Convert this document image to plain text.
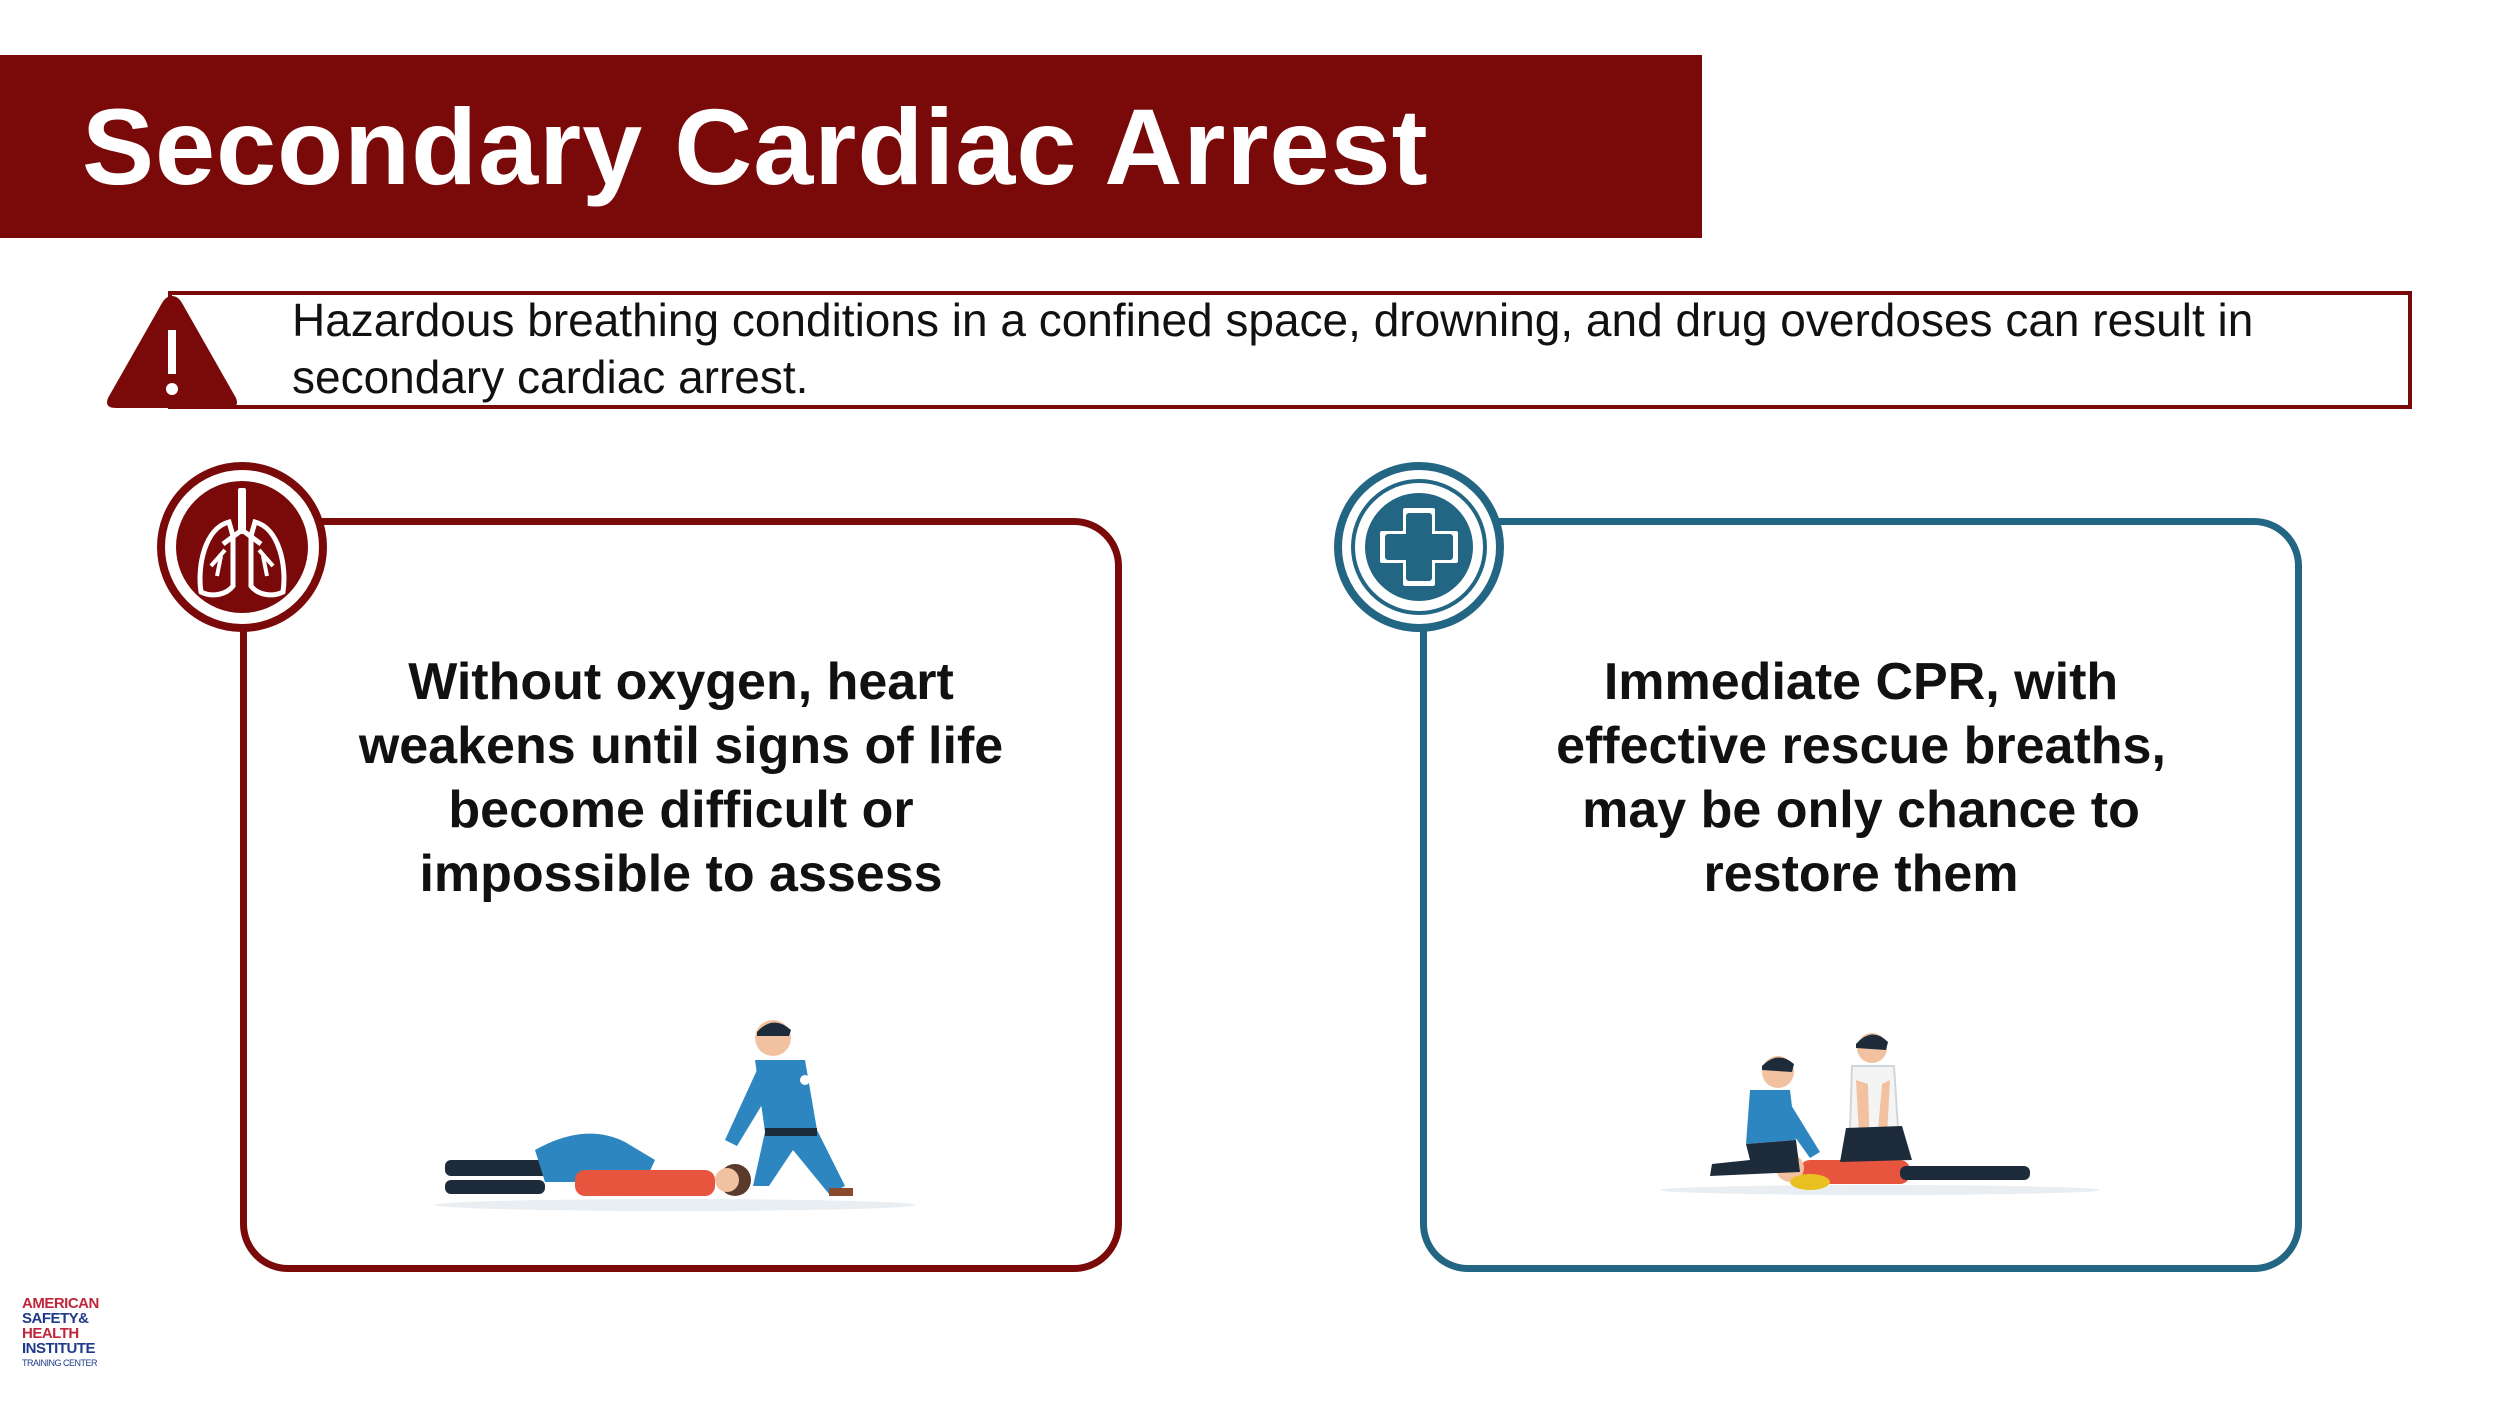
Secondary Cardiac Arrest
Hazardous breathing conditions in a confined space, drowning, and drug overdoses can result in secondary cardiac arrest.
Without oxygen, heart weakens until signs of life become difficult or impossible to assess
Immediate CPR, with effective rescue breaths, may be only chance to restore them
AMERICAN
SAFETY&
HEALTH
INSTITUTE
TRAINING CENTER
